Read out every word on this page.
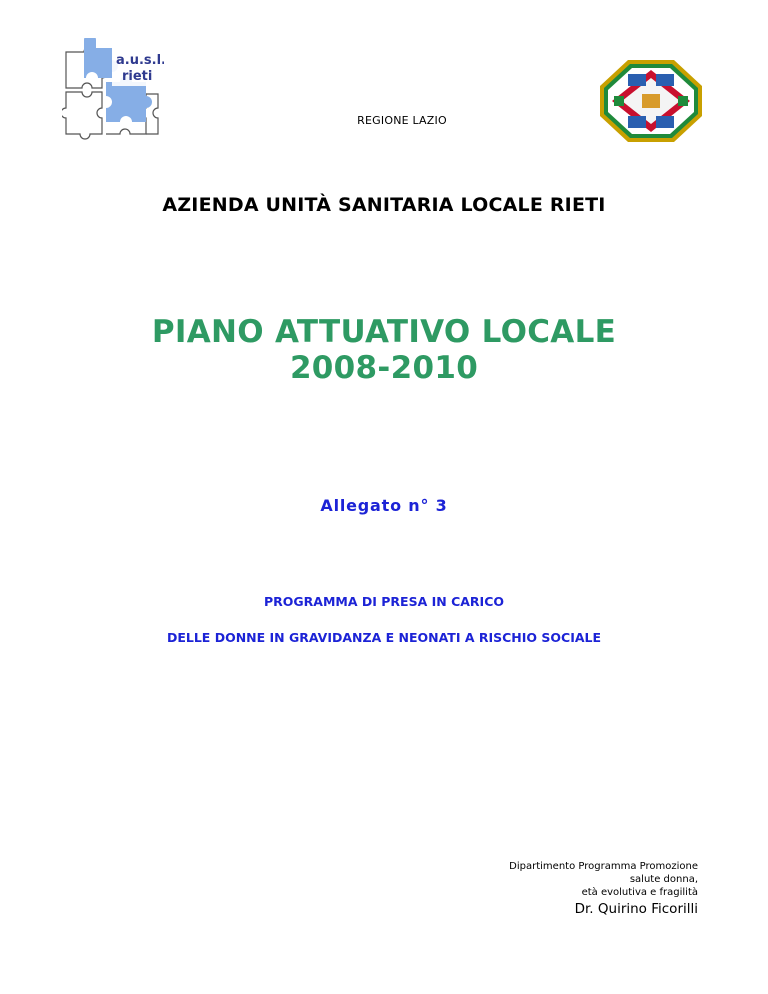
a.u.s.l.
rieti
REGIONE LAZIO
AZIENDA UNITÀ SANITARIA LOCALE RIETI
PIANO ATTUATIVO LOCALE
2008-2010
Allegato n° 3
PROGRAMMA DI PRESA IN CARICO
DELLE DONNE IN GRAVIDANZA E NEONATI A RISCHIO SOCIALE
Dipartimento Programma Promozione
salute donna,
età evolutiva e fragilità
Dr. Quirino Ficorilli
